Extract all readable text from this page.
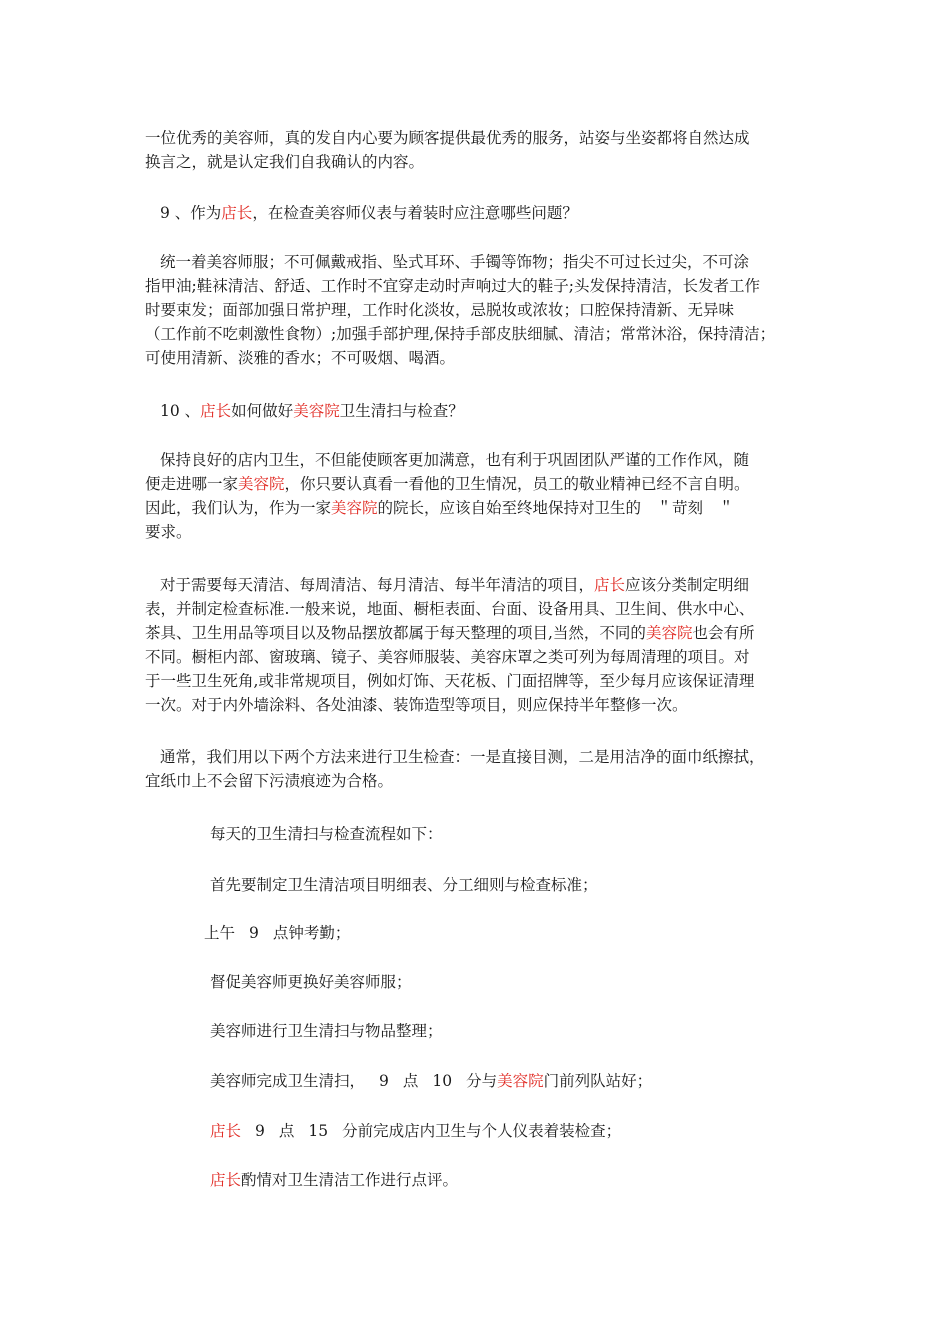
一位优秀的美容师，真的发自内心要为顾客提供最优秀的服务，站姿与坐姿都将自然达成
换言之，就是认定我们自我确认的内容。

9 、作为店长，在检查美容师仪表与着装时应注意哪些问题？

统一着美容师服；不可佩戴戒指、坠式耳环、手镯等饰物；指尖不可过长过尖，不可涂
指甲油;鞋袜清洁、舒适、工作时不宜穿走动时声响过大的鞋子;头发保持清洁，长发者工作
时要束发；面部加强日常护理，工作时化淡妆，忌脱妆或浓妆；口腔保持清新、无异味
（工作前不吃刺激性食物）;加强手部护理,保持手部皮肤细腻、清洁；常常沐浴，保持清洁；
可使用清新、淡雅的香水；不可吸烟、喝酒。

10 、店长如何做好美容院卫生清扫与检查？

保持良好的店内卫生，不但能使顾客更加满意，也有利于巩固团队严谨的工作作风，随
便走进哪一家美容院，你只要认真看一看他的卫生情况，员工的敬业精神已经不言自明。
因此，我们认为，作为一家美容院的院长，应该自始至终地保持对卫生的　＂苛刻　＂
要求。

对于需要每天清洁、每周清洁、每月清洁、每半年清洁的项目，店长应该分类制定明细
表，并制定检查标准.一般来说，地面、橱柜表面、台面、设备用具、卫生间、供水中心、
茶具、卫生用品等项目以及物品摆放都属于每天整理的项目,当然，不同的美容院也会有所
不同。橱柜内部、窗玻璃、镜子、美容师服装、美容床罩之类可列为每周清理的项目。对
于一些卫生死角,或非常规项目，例如灯饰、天花板、门面招牌等，至少每月应该保证清理
一次。对于内外墙涂料、各处油漆、装饰造型等项目，则应保持半年整修一次。

通常，我们用以下两个方法来进行卫生检查：一是直接目测，二是用洁净的面巾纸擦拭，
宜纸巾上不会留下污渍痕迹为合格。

每天的卫生清扫与检查流程如下：

首先要制定卫生清洁项目明细表、分工细则与检查标准；

上午 9 点钟考勤；

督促美容师更换好美容师服；

美容师进行卫生清扫与物品整理；

美容师完成卫生清扫， 9 点 10 分与美容院门前列队站好；

店长 9 点 15 分前完成店内卫生与个人仪表着装检查；

店长酌情对卫生清洁工作进行点评。
